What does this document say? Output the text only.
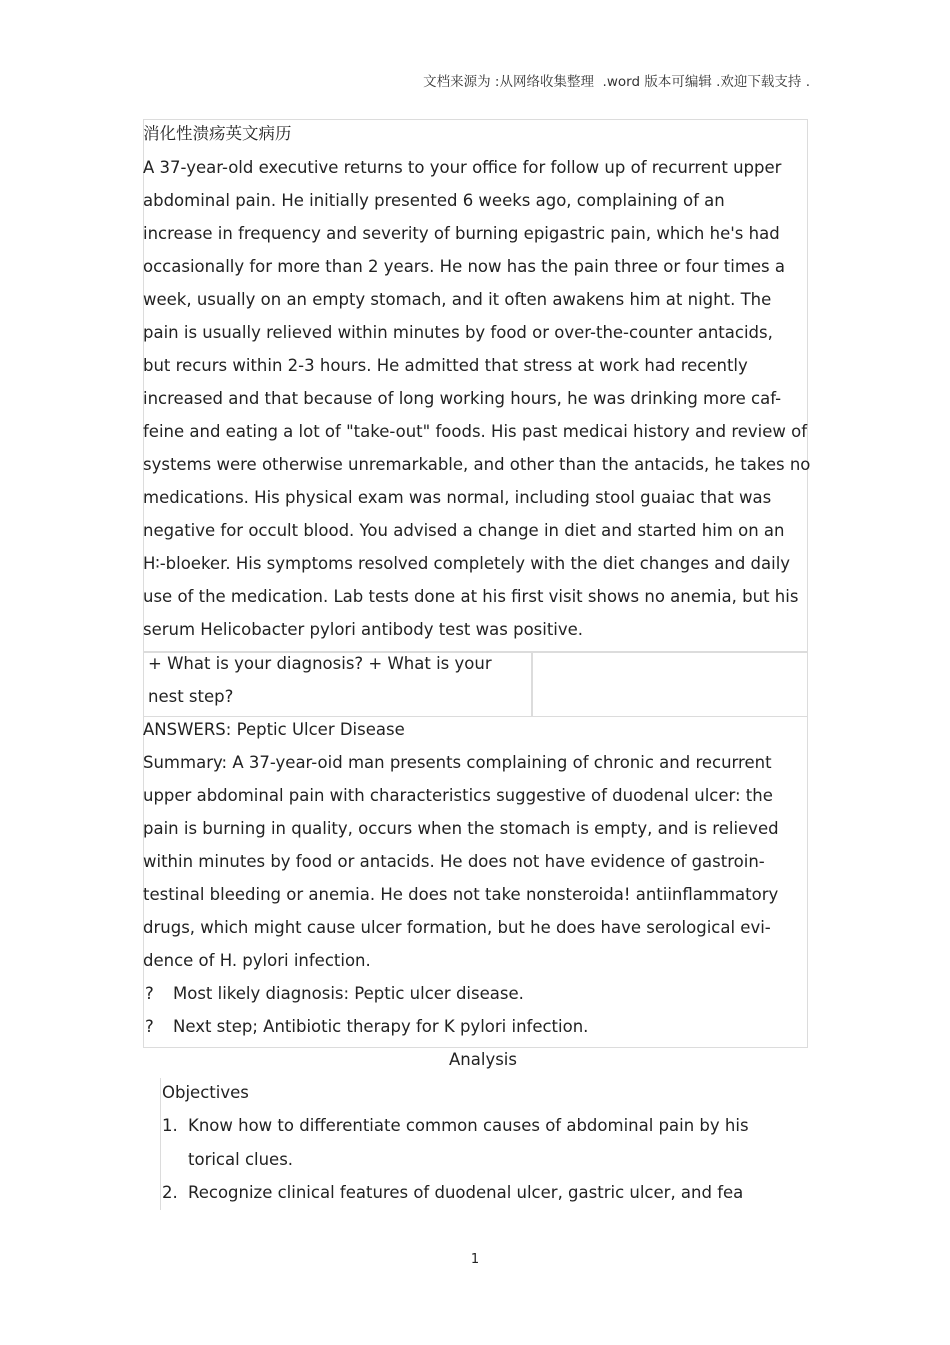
文档来源为 :从网络收集整理  .word 版本可编辑 .欢迎下载支持 .
消化性溃疡英文病历
A 37-year-old executive returns to your office for follow up of recurrent upper
abdominal pain. He initially presented 6 weeks ago, complaining of an
increase in frequency and severity of burning epigastric pain, which he's had
occasionally for more than 2 years. He now has the pain three or four times a
week, usually on an empty stomach, and it often awakens him at night. The
pain is usually relieved within minutes by food or over-the-counter antacids,
but recurs within 2-3 hours. He admitted that stress at work had recently
increased and that because of long working hours, he was drinking more caf-
feine and eating a lot of "take-out" foods. His past medicai history and review of
systems were otherwise unremarkable, and other than the antacids, he takes no
medications. His physical exam was normal, including stool guaiac that was
negative for occult blood. You advised a change in diet and started him on an
H∶-bloeker. His symptoms resolved completely with the diet changes and daily
use of the medication. Lab tests done at his first visit shows no anemia, but his
serum Helicobacter pylori antibody test was positive.
+ What is your diagnosis? + What is your
nest step?
ANSWERS: Peptic Ulcer Disease
Summary: A 37-year-oid man presents complaining of chronic and recurrent
upper abdominal pain with characteristics suggestive of duodenal ulcer: the
pain is burning in quality, occurs when the stomach is empty, and is relieved
within minutes by food or antacids. He does not have evidence of gastroin-
testinal bleeding or anemia. He does not take nonsteroida! antiinflammatory
drugs, which might cause ulcer formation, but he does have serological evi-
dence of H. pylori infection.
? Most likely diagnosis: Peptic ulcer disease.
? Next step; Antibiotic therapy for K pylori infection.
Analysis
Objectives
1. Know how to differentiate common causes of abdominal pain by his
torical clues.
2. Recognize clinical features of duodenal ulcer, gastric ulcer, and fea
1
